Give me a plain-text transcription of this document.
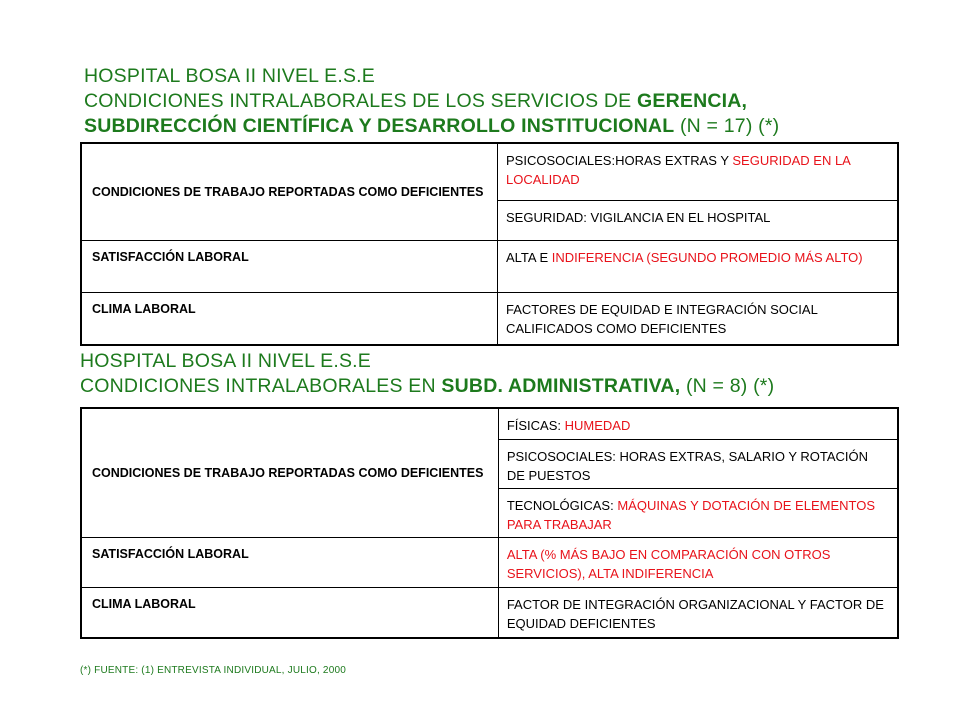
HOSPITAL BOSA II NIVEL E.S.E
CONDICIONES INTRALABORALES DE LOS SERVICIOS DE GERENCIA,
SUBDIRECCIÓN CIENTÍFICA Y DESARROLLO INSTITUCIONAL (N = 17) (*)
CONDICIONES DE TRABAJO REPORTADAS COMO DEFICIENTES	PSICOSOCIALES:HORAS EXTRAS Y SEGURIDAD EN LA LOCALIDAD
	SEGURIDAD: VIGILANCIA EN EL HOSPITAL
SATISFACCIÓN LABORAL	ALTA E INDIFERENCIA (SEGUNDO PROMEDIO MÁS ALTO)
CLIMA LABORAL	FACTORES DE EQUIDAD E INTEGRACIÓN SOCIAL CALIFICADOS COMO DEFICIENTES
HOSPITAL BOSA II NIVEL E.S.E
CONDICIONES INTRALABORALES EN SUBD. ADMINISTRATIVA, (N = 8) (*)
CONDICIONES DE TRABAJO REPORTADAS COMO DEFICIENTES	FÍSICAS: HUMEDAD
	PSICOSOCIALES: HORAS EXTRAS, SALARIO Y ROTACIÓN DE PUESTOS
	TECNOLÓGICAS: MÁQUINAS Y DOTACIÓN DE ELEMENTOS PARA TRABAJAR
SATISFACCIÓN LABORAL	ALTA (% MÁS BAJO EN COMPARACIÓN CON OTROS SERVICIOS), ALTA INDIFERENCIA
CLIMA LABORAL	FACTOR DE INTEGRACIÓN ORGANIZACIONAL Y FACTOR DE EQUIDAD DEFICIENTES
(*) FUENTE: (1) ENTREVISTA INDIVIDUAL, JULIO, 2000
